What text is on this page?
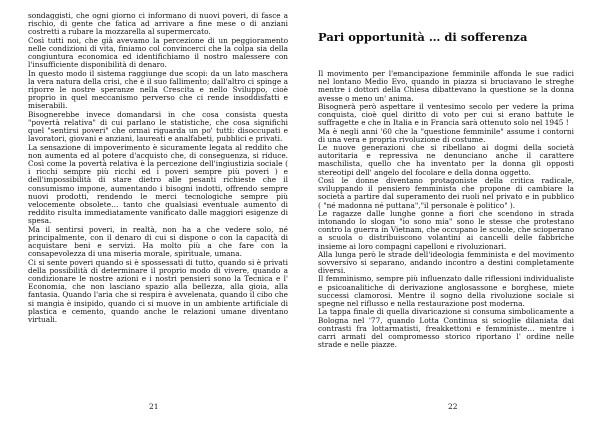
sondaggisti, che ogni giorno ci informano di nuovi poveri, di fasce a rischio, di gente che fatica ad arrivare a fine mese o di anziani costretti a rubare la mozzarella al supermercato.

Così tutti noi, che già avevamo la percezione di un peggioramento nelle condizioni di vita, finiamo col convincerci che la colpa sia della congiuntura economica ed identifichiamo il nostro malessere con l'insufficiente disponibilità di denaro.

In questo modo il sistema raggiunge due scopi: da un lato maschera la vera natura della crisi, che è il suo fallimento; dall'altro ci spinge a riporre le nostre speranze nella Crescita e nello Sviluppo, cioè proprio in quel meccanismo perverso che ci rende insoddisfatti e miserabili.

Bisognerebbe invece domandarsi in che cosa consista questa "povertà relativa" di cui parlano le statistiche, che cosa significhi quel "sentirsi poveri" che ormai riguarda un po' tutti: disoccupati e lavoratori, giovani e anziani, laureati e analfabeti, pubblici e privati.

La sensazione di impoverimento è sicuramente legata al reddito che non aumenta ed al potere d'acquisto che, di conseguenza, si riduce. Così come la povertà relativa è la percezione dell'ingiustizia sociale ( i ricchi sempre più ricchi ed i poveri sempre più poveri ) e dell'impossibilità di stare dietro alle pesanti richieste che il consumismo impone, aumentando i bisogni indotti, offrendo sempre nuovi prodotti, rendendo le merci tecnologiche sempre più velocemente obsolete… tanto che qualsiasi eventuale aumento di reddito risulta immediatamente vanificato dalle maggiori esigenze di spesa.

Ma il sentirsi poveri, in realtà, non ha a che vedere solo, né principalmente, con il denaro di cui si dispone o con la capacità di acquistare beni e servizi. Ha molto più a che fare con la consapevolezza di una miseria morale, spirituale, umana.

Ci si sente poveri quando si è spossessati di tutto, quando si è privati della possibilità di determinare il proprio modo di vivere, quando a condizionare le nostre azioni e i nostri pensieri sono la Tecnica e l' Economia, che non lasciano spazio alla bellezza, alla gioia, alla fantasia. Quando l'aria che si respira è avvelenata, quando il cibo che si mangia è insipido, quando ci si muove in un ambiente artificiale di plastica e cemento, quando anche le relazioni umane diventano virtuali.

Pari opportunità … di sofferenza

Il movimento per l'emancipazione femminile affonda le sue radici nel lontano Medio Evo, quando in piazza si bruciavano le streghe mentre i dottori della Chiesa dibattevano la questione se la donna avesse o meno un' anima.

Bisognerà però aspettare il ventesimo secolo per vedere la prima conquista, cioè quel diritto di voto per cui si erano battute le suffragette e che in Italia e in Francia sarà ottenuto solo nel 1945 !

Ma è negli anni '60 che la "questione femminile" assume i contorni di una vera e propria rivoluzione di costume.

Le nuove generazioni che si ribellano ai dogmi della società autoritaria e repressiva ne denunciano anche il carattere maschilista, quello che ha inventato per la donna gli opposti stereotipi dell' angelo del focolare e della donna oggetto.

Così le donne diventano protagoniste della critica radicale, sviluppando il pensiero femminista che propone di cambiare la società a partire dal superamento dei ruoli nel privato e in pubblico ( "né madonna né puttana","il personale è politico" ).

Le ragazze dalle lunghe gonne a fiori che scendono in strada intonando lo slogan "io sono mia" sono le stesse che protestano contro la guerra in Vietnam, che occupano le scuole, che scioperano a scuola o distribuiscono volantini ai cancelli delle fabbriche insieme ai loro compagni capelloni e rivoluzionari.

Alla lunga però le strade dell'ideologia femminista e del movimento sovversivo si separano, andando incontro a destini completamente diversi.

Il femminismo, sempre più influenzato dalle riflessioni individualiste e psicoanalitiche di derivazione anglosassone e borghese, miete successi clamorosi. Mentre il sogno della rivoluzione sociale si spegne nel riflusso e nella restaurazione post moderna.

La tappa finale di quella divaricazione si consuma simbolicamente a Bologna nel '77, quando Lotta Continua si scioglie dilaniata dai contrasti fra lottarmatisti, freakkettoni e femministe… mentre i carri armati del compromesso storico riportano l' ordine nelle strade e nelle piazze.

21	22
